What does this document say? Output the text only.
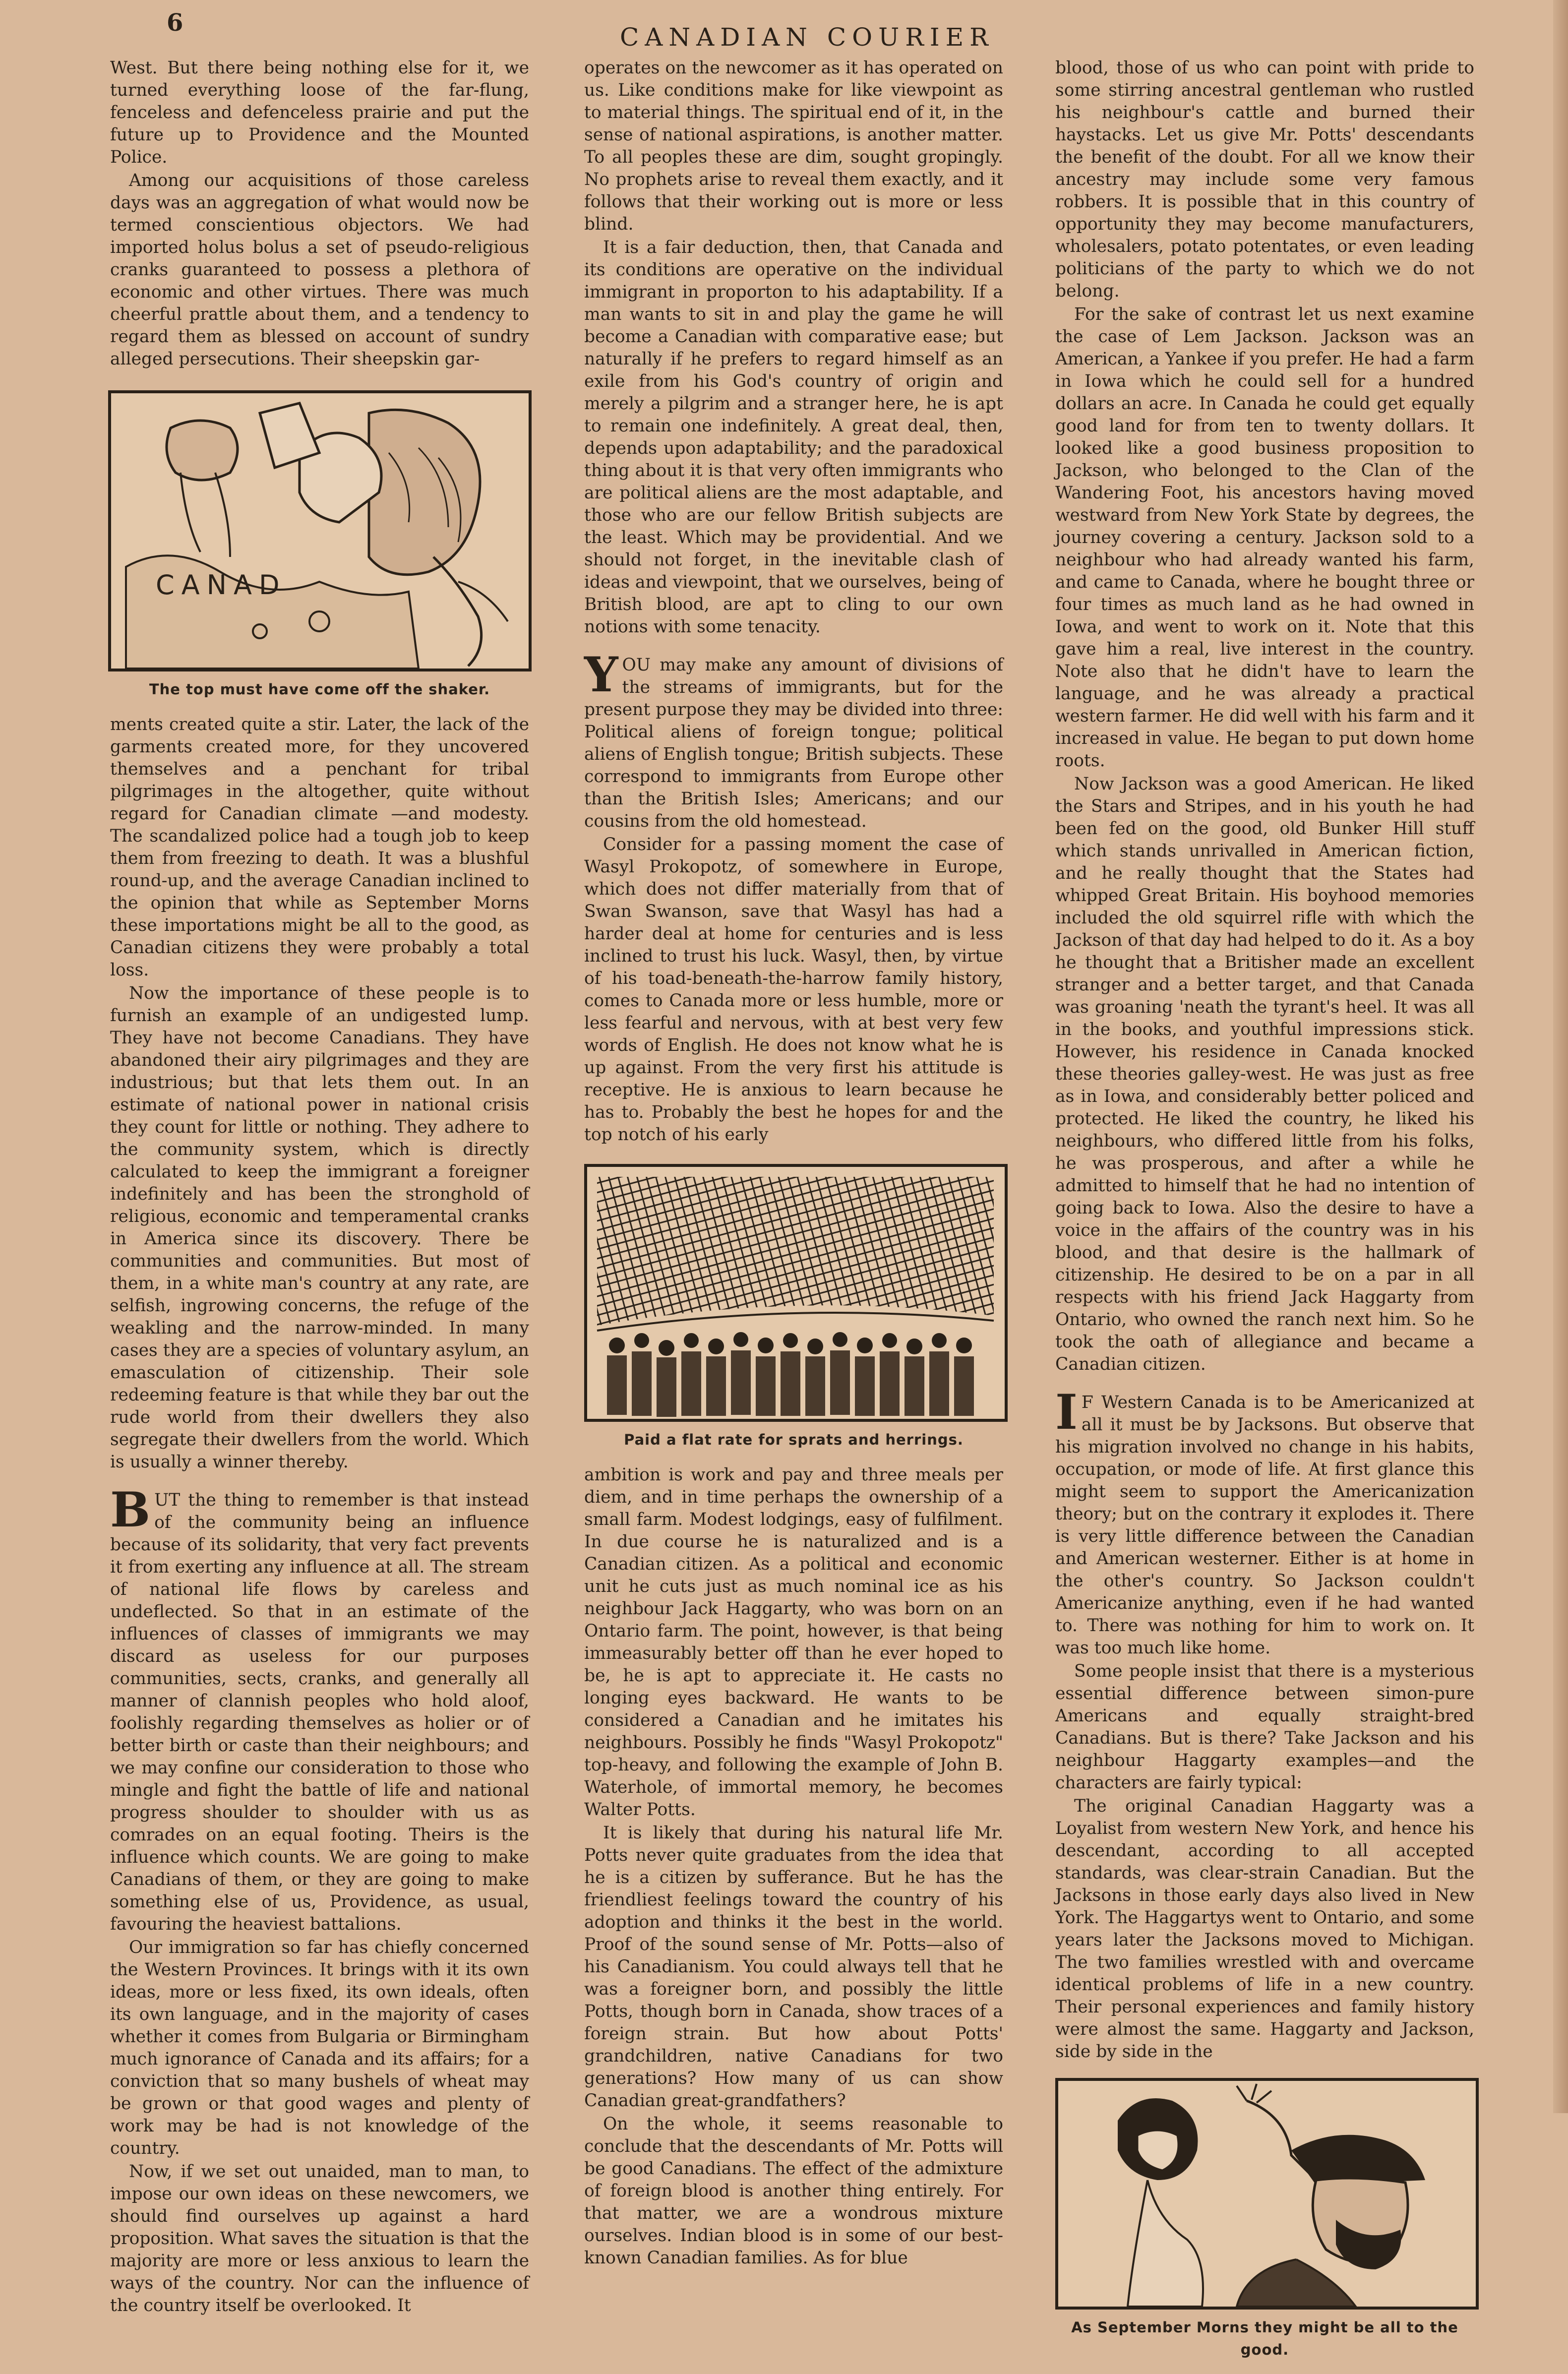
6	CANADIAN COURIER

West. But there being nothing else for it, we turned everything loose of the far-flung, fenceless and defenceless prairie and put the future up to Providence and the Mounted Police.

Among our acquisitions of those careless days was an aggregation of what would now be termed conscientious objectors. We had imported holus bolus a set of pseudo-religious cranks guaranteed to possess a plethora of economic and other virtues. There was much cheerful prattle about them, and a tendency to regard them as blessed on account of sundry alleged persecutions. Their sheepskin gar-

CANAD
The top must have come off the shaker.

ments created quite a stir. Later, the lack of the garments created more, for they uncovered themselves and a penchant for tribal pilgrimages in the altogether, quite without regard for Canadian climate —and modesty. The scandalized police had a tough job to keep them from freezing to death. It was a blushful round-up, and the average Canadian inclined to the opinion that while as September Morns these importations might be all to the good, as Canadian citizens they were probably a total loss.

Now the importance of these people is to furnish an example of an undigested lump. They have not become Canadians. They have abandoned their airy pilgrimages and they are industrious; but that lets them out. In an estimate of national power in national crisis they count for little or nothing. They adhere to the community system, which is directly calculated to keep the immigrant a foreigner indefinitely and has been the stronghold of religious, economic and temperamental cranks in America since its discovery. There be communities and communities. But most of them, in a white man's country at any rate, are selfish, ingrowing concerns, the refuge of the weakling and the narrow-minded. In many cases they are a species of voluntary asylum, an emasculation of citizenship. Their sole redeeming feature is that while they bar out the rude world from their dwellers they also segregate their dwellers from the world. Which is usually a winner thereby.

BUT the thing to remember is that instead of the community being an influence because of its solidarity, that very fact prevents it from exerting any influence at all. The stream of national life flows by careless and undeflected. So that in an estimate of the influences of classes of immigrants we may discard as useless for our purposes communities, sects, cranks, and generally all manner of clannish peoples who hold aloof, foolishly regarding themselves as holier or of better birth or caste than their neighbours; and we may confine our consideration to those who mingle and fight the battle of life and national progress shoulder to shoulder with us as comrades on an equal footing. Theirs is the influence which counts. We are going to make Canadians of them, or they are going to make something else of us, Providence, as usual, favouring the heaviest battalions.

Our immigration so far has chiefly concerned the Western Provinces. It brings with it its own ideas, more or less fixed, its own ideals, often its own language, and in the majority of cases whether it comes from Bulgaria or Birmingham much ignorance of Canada and its affairs; for a conviction that so many bushels of wheat may be grown or that good wages and plenty of work may be had is not knowledge of the country.

Now, if we set out unaided, man to man, to impose our own ideas on these newcomers, we should find ourselves up against a hard proposition. What saves the situation is that the majority are more or less anxious to learn the ways of the country. Nor can the influence of the country itself be overlooked. It

operates on the newcomer as it has operated on us. Like conditions make for like viewpoint as to material things. The spiritual end of it, in the sense of national aspirations, is another matter. To all peoples these are dim, sought gropingly. No prophets arise to reveal them exactly, and it follows that their working out is more or less blind.

It is a fair deduction, then, that Canada and its conditions are operative on the individual immigrant in proporton to his adaptability. If a man wants to sit in and play the game he will become a Canadian with comparative ease; but naturally if he prefers to regard himself as an exile from his God's country of origin and merely a pilgrim and a stranger here, he is apt to remain one indefinitely. A great deal, then, depends upon adaptability; and the paradoxical thing about it is that very often immigrants who are political aliens are the most adaptable, and those who are our fellow British subjects are the least. Which may be providential. And we should not forget, in the inevitable clash of ideas and viewpoint, that we ourselves, being of British blood, are apt to cling to our own notions with some tenacity.

YOU may make any amount of divisions of the streams of immigrants, but for the present purpose they may be divided into three: Political aliens of foreign tongue; political aliens of English tongue; British subjects. These correspond to immigrants from Europe other than the British Isles; Americans; and our cousins from the old homestead.

Consider for a passing moment the case of Wasyl Prokopotz, of somewhere in Europe, which does not differ materially from that of Swan Swanson, save that Wasyl has had a harder deal at home for centuries and is less inclined to trust his luck. Wasyl, then, by virtue of his toad-beneath-the-harrow family history, comes to Canada more or less humble, more or less fearful and nervous, with at best very few words of English. He does not know what he is up against. From the very first his attitude is receptive. He is anxious to learn because he has to. Probably the best he hopes for and the top notch of his early

Paid a flat rate for sprats and herrings.

ambition is work and pay and three meals per diem, and in time perhaps the ownership of a small farm. Modest lodgings, easy of fulfilment. In due course he is naturalized and is a Canadian citizen. As a political and economic unit he cuts just as much nominal ice as his neighbour Jack Haggarty, who was born on an Ontario farm. The point, however, is that being immeasurably better off than he ever hoped to be, he is apt to appreciate it. He casts no longing eyes backward. He wants to be considered a Canadian and he imitates his neighbours. Possibly he finds "Wasyl Prokopotz" top-heavy, and following the example of John B. Waterhole, of immortal memory, he becomes Walter Potts.

It is likely that during his natural life Mr. Potts never quite graduates from the idea that he is a citizen by sufferance. But he has the friendliest feelings toward the country of his adoption and thinks it the best in the world. Proof of the sound sense of Mr. Potts—also of his Canadianism. You could always tell that he was a foreigner born, and possibly the little Potts, though born in Canada, show traces of a foreign strain. But how about Potts' grandchildren, native Canadians for two generations? How many of us can show Canadian great-grandfathers?

On the whole, it seems reasonable to conclude that the descendants of Mr. Potts will be good Canadians. The effect of the admixture of foreign blood is another thing entirely. For that matter, we are a wondrous mixture ourselves. Indian blood is in some of our best-known Canadian families. As for blue

blood, those of us who can point with pride to some stirring ancestral gentleman who rustled his neighbour's cattle and burned their haystacks. Let us give Mr. Potts' descendants the benefit of the doubt. For all we know their ancestry may include some very famous robbers. It is possible that in this country of opportunity they may become manufacturers, wholesalers, potato potentates, or even leading politicians of the party to which we do not belong.

For the sake of contrast let us next examine the case of Lem Jackson. Jackson was an American, a Yankee if you prefer. He had a farm in Iowa which he could sell for a hundred dollars an acre. In Canada he could get equally good land for from ten to twenty dollars. It looked like a good business proposition to Jackson, who belonged to the Clan of the Wandering Foot, his ancestors having moved westward from New York State by degrees, the journey covering a century. Jackson sold to a neighbour who had already wanted his farm, and came to Canada, where he bought three or four times as much land as he had owned in Iowa, and went to work on it. Note that this gave him a real, live interest in the country. Note also that he didn't have to learn the language, and he was already a practical western farmer. He did well with his farm and it increased in value. He began to put down home roots.

Now Jackson was a good American. He liked the Stars and Stripes, and in his youth he had been fed on the good, old Bunker Hill stuff which stands unrivalled in American fiction, and he really thought that the States had whipped Great Britain. His boyhood memories included the old squirrel rifle with which the Jackson of that day had helped to do it. As a boy he thought that a Britisher made an excellent stranger and a better target, and that Canada was groaning 'neath the tyrant's heel. It was all in the books, and youthful impressions stick. However, his residence in Canada knocked these theories galley-west. He was just as free as in Iowa, and considerably better policed and protected. He liked the country, he liked his neighbours, who differed little from his folks, he was prosperous, and after a while he admitted to himself that he had no intention of going back to Iowa. Also the desire to have a voice in the affairs of the country was in his blood, and that desire is the hallmark of citizenship. He desired to be on a par in all respects with his friend Jack Haggarty from Ontario, who owned the ranch next him. So he took the oath of allegiance and became a Canadian citizen.

I F Western Canada is to be Americanized at all it must be by Jacksons. But observe that his migration involved no change in his habits, occupation, or mode of life. At first glance this might seem to support the Americanization theory; but on the contrary it explodes it. There is very little difference between the Canadian and American westerner. Either is at home in the other's country. So Jackson couldn't Americanize anything, even if he had wanted to. There was nothing for him to work on. It was too much like home.

Some people insist that there is a mysterious essential difference between simon-pure Americans and equally straight-bred Canadians. But is there? Take Jackson and his neighbour Haggarty examples—and the characters are fairly typical:

The original Canadian Haggarty was a Loyalist from western New York, and hence his descendant, according to all accepted standards, was clear-strain Canadian. But the Jacksons in those early days also lived in New York. The Haggartys went to Ontario, and some years later the Jacksons moved to Michigan. The two families wrestled with and overcame identical problems of life in a new country. Their personal experiences and family history were almost the same. Haggarty and Jackson, side by side in the

As September Morns they might be all to the good.
